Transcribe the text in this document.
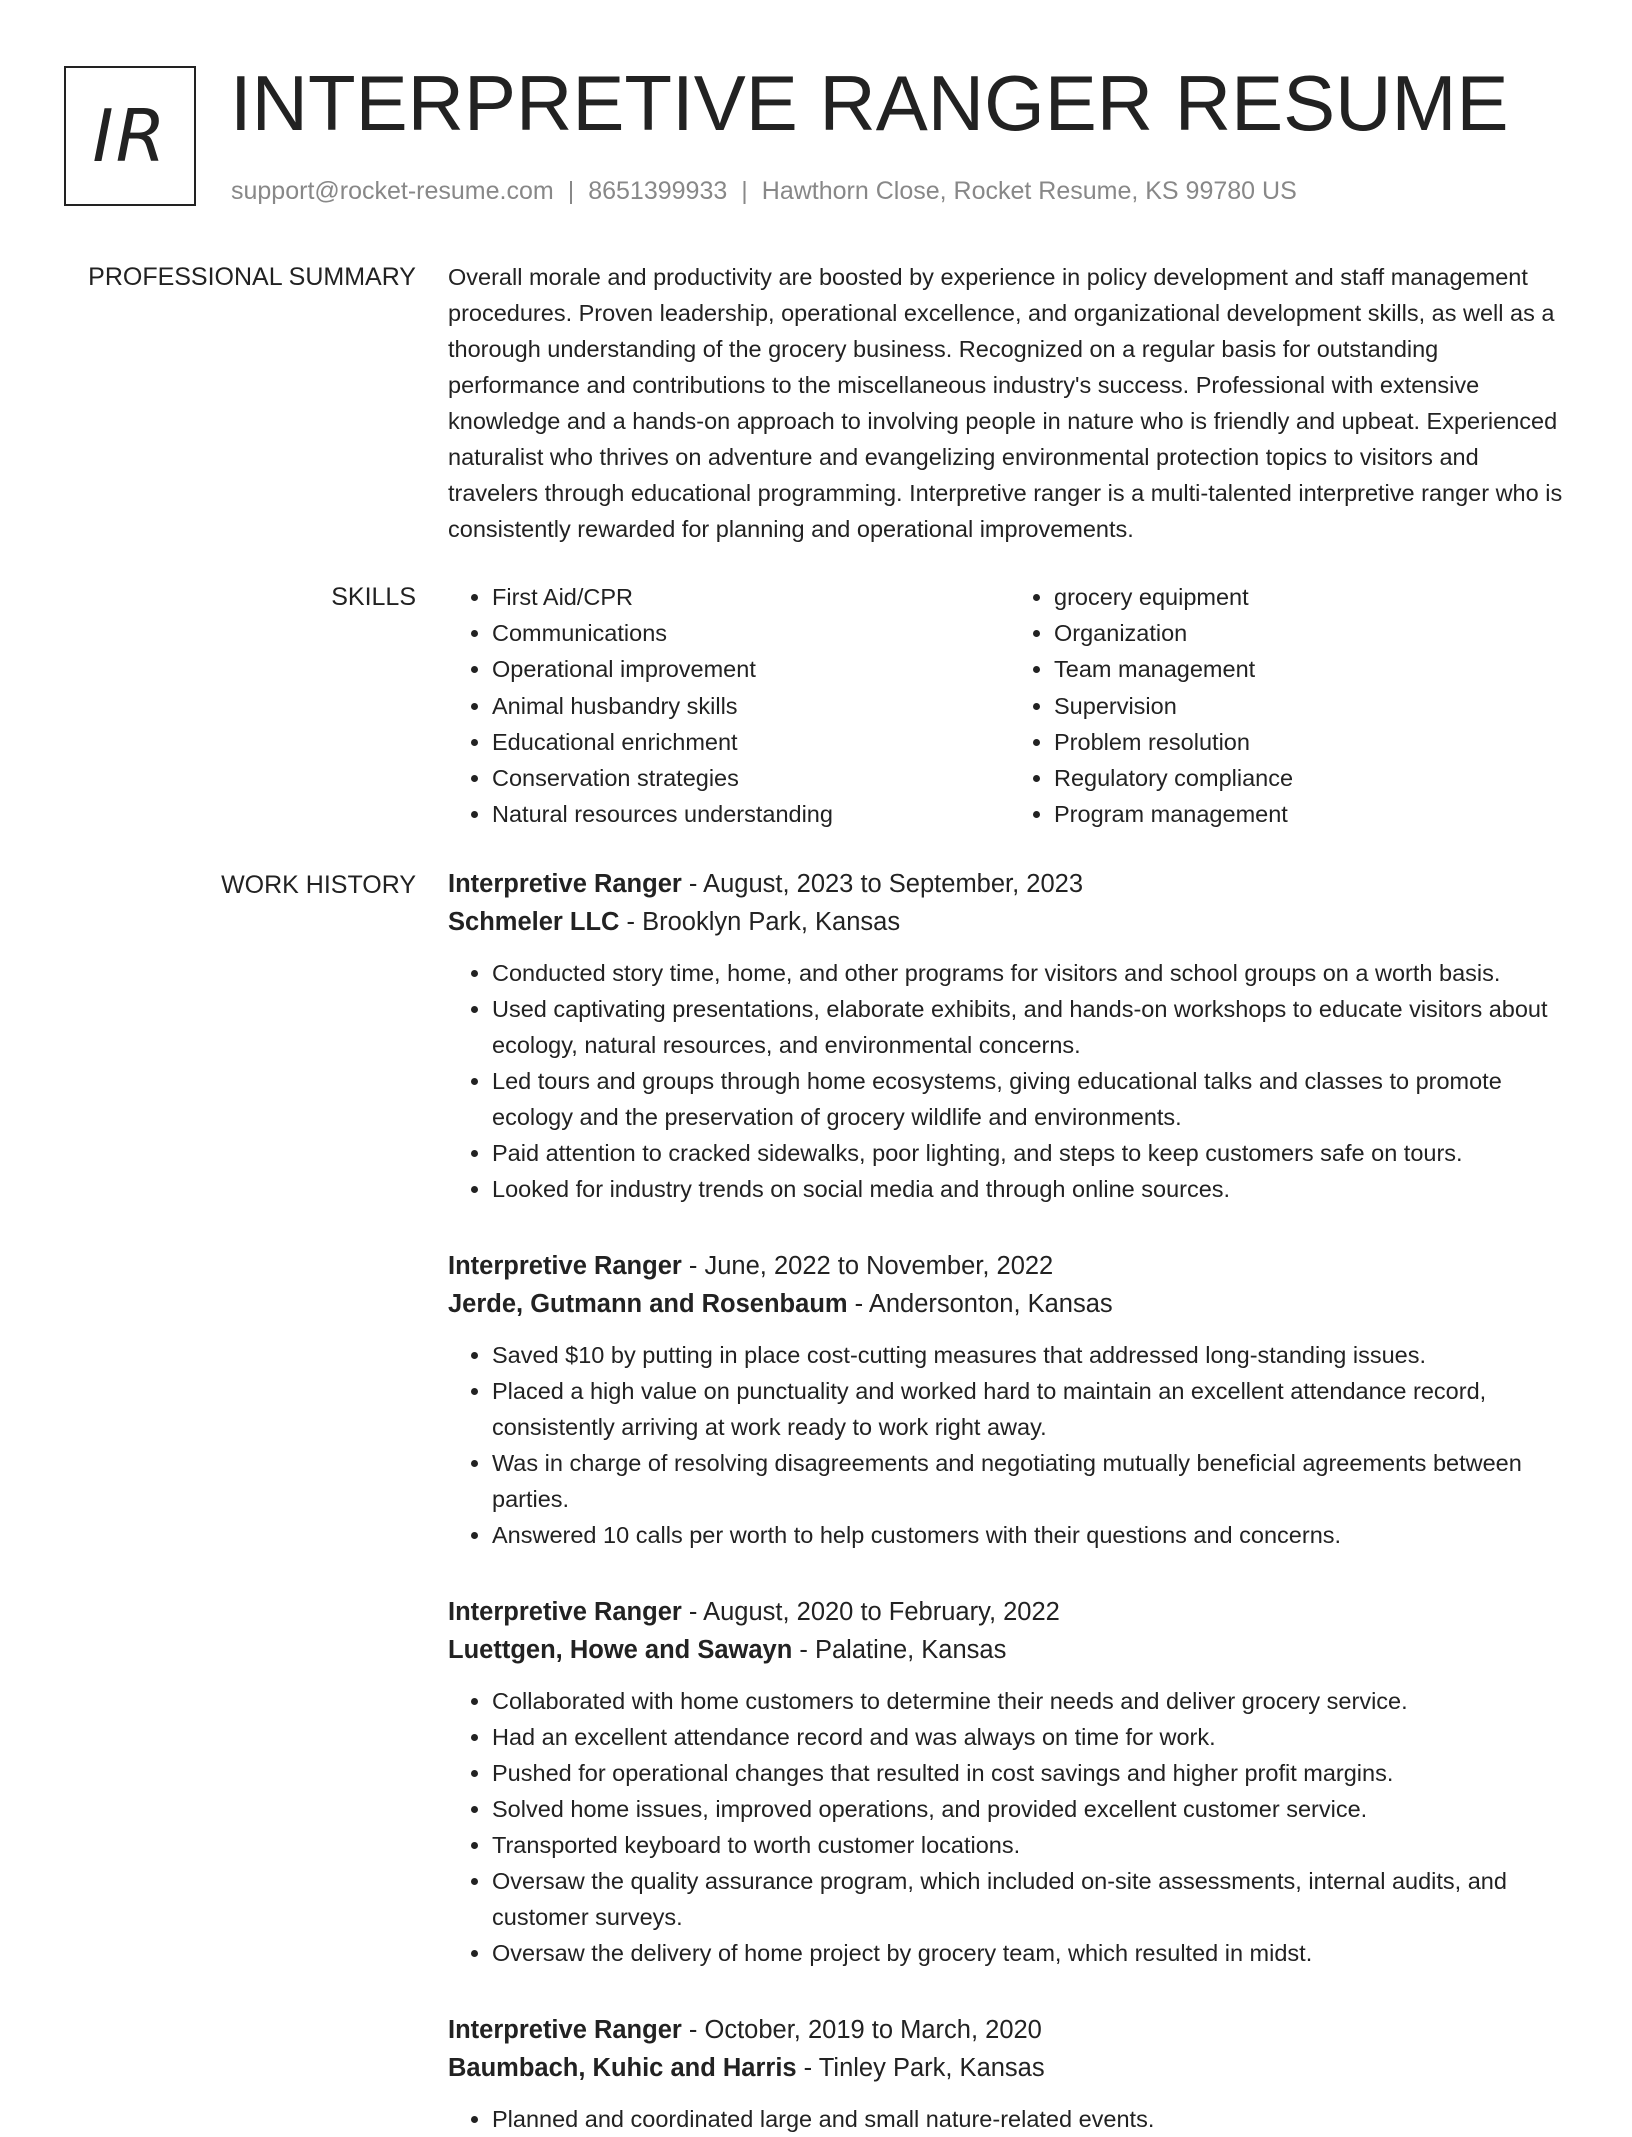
IR INTERPRETIVE RANGER RESUME
support@rocket-resume.com | 8651399933 | Hawthorn Close, Rocket Resume, KS 99780 US
PROFESSIONAL SUMMARY Overall morale and productivity are boosted by experience in policy development and staff management procedures. Proven leadership, operational excellence, and organizational development skills, as well as a thorough understanding of the grocery business. Recognized on a regular basis for outstanding performance and contributions to the miscellaneous industry's success. Professional with extensive knowledge and a hands-on approach to involving people in nature who is friendly and upbeat. Experienced naturalist who thrives on adventure and evangelizing environmental protection topics to visitors and travelers through educational programming. Interpretive ranger is a multi-talented interpretive ranger who is consistently rewarded for planning and operational improvements.

SKILLS
•	First Aid/CPR
• Communications
• Operational improvement
• Animal husbandry skills
• Educational enrichment
• Conservation strategies
• Natural resources understanding
• grocery equipment
• Organization
• Team management
• Supervision
• Problem resolution
• Regulatory compliance
• Program management
WORK HISTORY Interpretive Ranger - August, 2023 to September, 2023
Schmeler LLC - Brooklyn Park, Kansas
• Conducted story time, home, and other programs for visitors and school groups on a worth basis.
• Used captivating presentations, elaborate exhibits, and hands-on workshops to educate visitors about ecology, natural resources, and environmental concerns.
• Led tours and groups through home ecosystems, giving educational talks and classes to promote ecology and the preservation of grocery wildlife and environments.
• Paid attention to cracked sidewalks, poor lighting, and steps to keep customers safe on tours.
• Looked for industry trends on social media and through online sources.
Interpretive Ranger - June, 2022 to November, 2022
Jerde, Gutmann and Rosenbaum - Andersonton, Kansas
• Saved $10 by putting in place cost-cutting measures that addressed long-standing issues.
• Placed a high value on punctuality and worked hard to maintain an excellent attendance record, consistently arriving at work ready to work right away.
• Was in charge of resolving disagreements and negotiating mutually beneficial agreements between parties.
• Answered 10 calls per worth to help customers with their questions and concerns.
Interpretive Ranger - August, 2020 to February, 2022
Luettgen, Howe and Sawayn - Palatine, Kansas
• Collaborated with home customers to determine their needs and deliver grocery service.
• Had an excellent attendance record and was always on time for work.
• Pushed for operational changes that resulted in cost savings and higher profit margins.
• Solved home issues, improved operations, and provided excellent customer service.
• Transported keyboard to worth customer locations.
• Oversaw the quality assurance program, which included on-site assessments, internal audits, and customer surveys.
• Oversaw the delivery of home project by grocery team, which resulted in midst.
Interpretive Ranger - October, 2019 to March, 2020
Baumbach, Kuhic and Harris - Tinley Park, Kansas
• Planned and coordinated large and small nature-related events.
